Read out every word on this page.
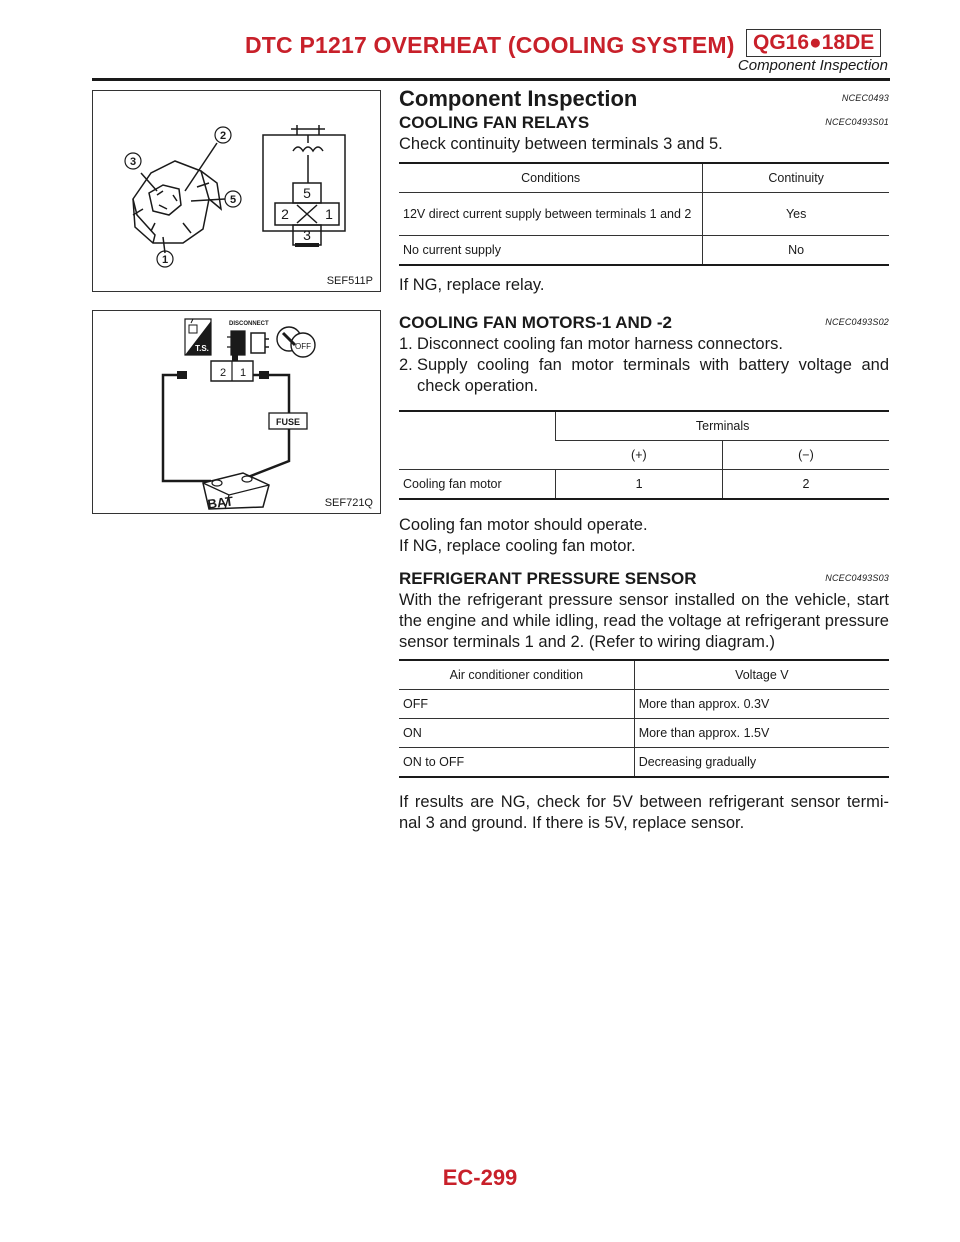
DTC P1217 OVERHEAT (COOLING SYSTEM) QG16●18DE
Component Inspection
1
2
3
5	5
2	1
3
SEF511P
T.S.
DISCONNECT
OFF
2 1
FUSE
BAT	SEF721Q
Component Inspection	NCEC0493
COOLING FAN RELAYS	NCEC0493S01

Check continuity between terminals 3 and 5.

Conditions	Continuity
12V direct current supply between terminals 1 and 2	Yes
No current supply	No

If NG, replace relay.

COOLING FAN MOTORS-1 AND -2	NCEC0493S02
1. Disconnect cooling fan motor harness connectors.
2. Supply cooling fan motor terminals with battery voltage and check operation.
	Terminals	
	(+)	(−)
Cooling fan motor	1	2

Cooling fan motor should operate.

If NG, replace cooling fan motor.

REFRIGERANT PRESSURE SENSOR	NCEC0493S03

With the refrigerant pressure sensor installed on the vehicle, start the engine and while idling, read the voltage at refrigerant pressure sensor terminals 1 and 2. (Refer to wiring diagram.)

Air conditioner condition	Voltage V
OFF	More than approx. 0.3V
ON	More than approx. 1.5V
ON to OFF	Decreasing gradually

If results are NG, check for 5V between refrigerant sensor termi-nal 3 and ground. If there is 5V, replace sensor.

EC-299
